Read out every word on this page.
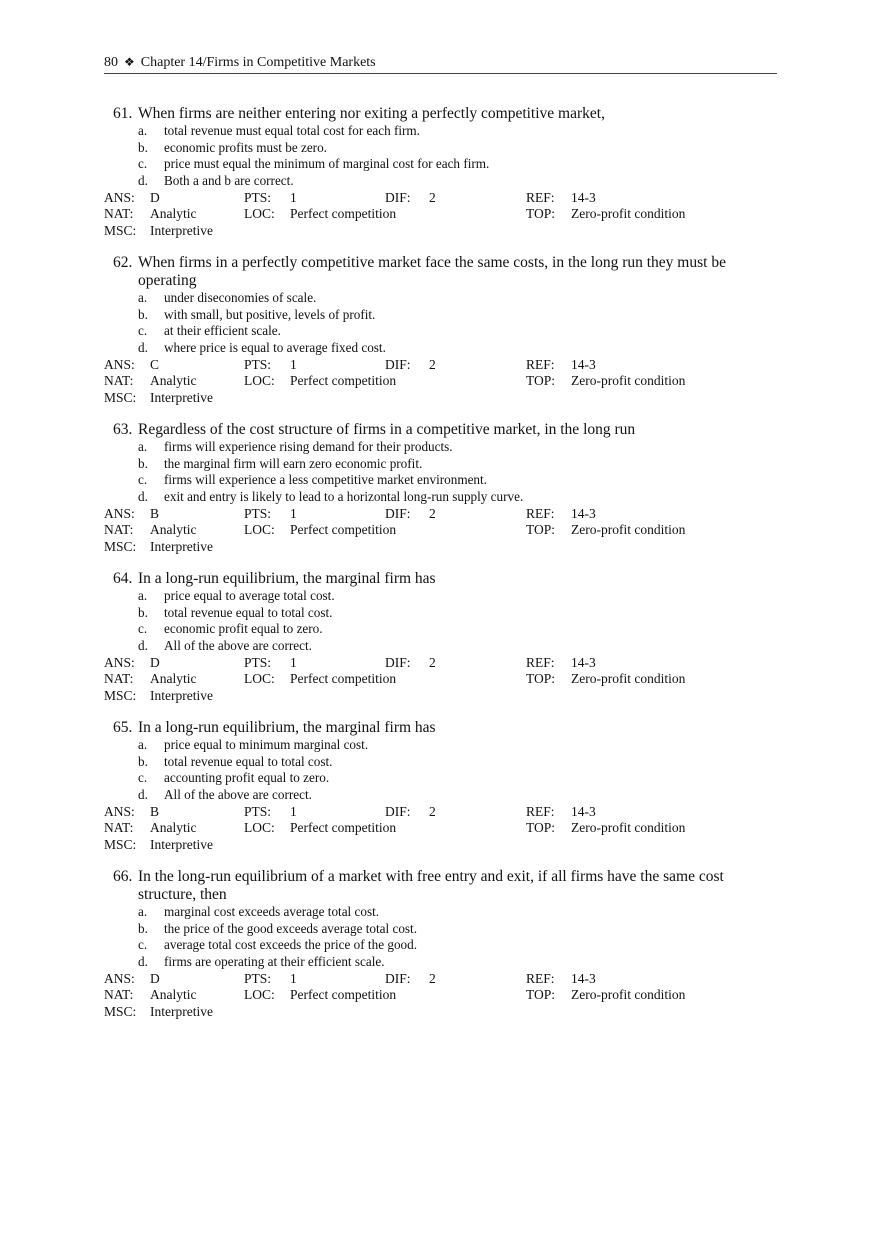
80 ❖ Chapter 14/Firms in Competitive Markets
61. When firms are neither entering nor exiting a perfectly competitive market,
a. total revenue must equal total cost for each firm.
b. economic profits must be zero.
c. price must equal the minimum of marginal cost for each firm.
d. Both a and b are correct.
ANS: D	PTS: 1	DIF: 2	REF: 14-3
NAT: Analytic	LOC: Perfect competition	TOP: Zero-profit condition
MSC: Interpretive
62. When firms in a perfectly competitive market face the same costs, in the long run they must be operating
a. under diseconomies of scale.
b. with small, but positive, levels of profit.
c. at their efficient scale.
d. where price is equal to average fixed cost.
ANS: C	PTS: 1	DIF: 2	REF: 14-3
NAT: Analytic	LOC: Perfect competition	TOP: Zero-profit condition
MSC: Interpretive
63. Regardless of the cost structure of firms in a competitive market, in the long run
a. firms will experience rising demand for their products.
b. the marginal firm will earn zero economic profit.
c. firms will experience a less competitive market environment.
d. exit and entry is likely to lead to a horizontal long-run supply curve.
ANS: B	PTS: 1	DIF: 2	REF: 14-3
NAT: Analytic	LOC: Perfect competition	TOP: Zero-profit condition
MSC: Interpretive
64. In a long-run equilibrium, the marginal firm has
a. price equal to average total cost.
b. total revenue equal to total cost.
c. economic profit equal to zero.
d. All of the above are correct.
ANS: D	PTS: 1	DIF: 2	REF: 14-3
NAT: Analytic	LOC: Perfect competition	TOP: Zero-profit condition
MSC: Interpretive
65. In a long-run equilibrium, the marginal firm has
a. price equal to minimum marginal cost.
b. total revenue equal to total cost.
c. accounting profit equal to zero.
d. All of the above are correct.
ANS: B	PTS: 1	DIF: 2	REF: 14-3
NAT: Analytic	LOC: Perfect competition	TOP: Zero-profit condition
MSC: Interpretive
66. In the long-run equilibrium of a market with free entry and exit, if all firms have the same cost structure, then
a. marginal cost exceeds average total cost.
b. the price of the good exceeds average total cost.
c. average total cost exceeds the price of the good.
d. firms are operating at their efficient scale.
ANS: D	PTS: 1	DIF: 2	REF: 14-3
NAT: Analytic	LOC: Perfect competition	TOP: Zero-profit condition
MSC: Interpretive
